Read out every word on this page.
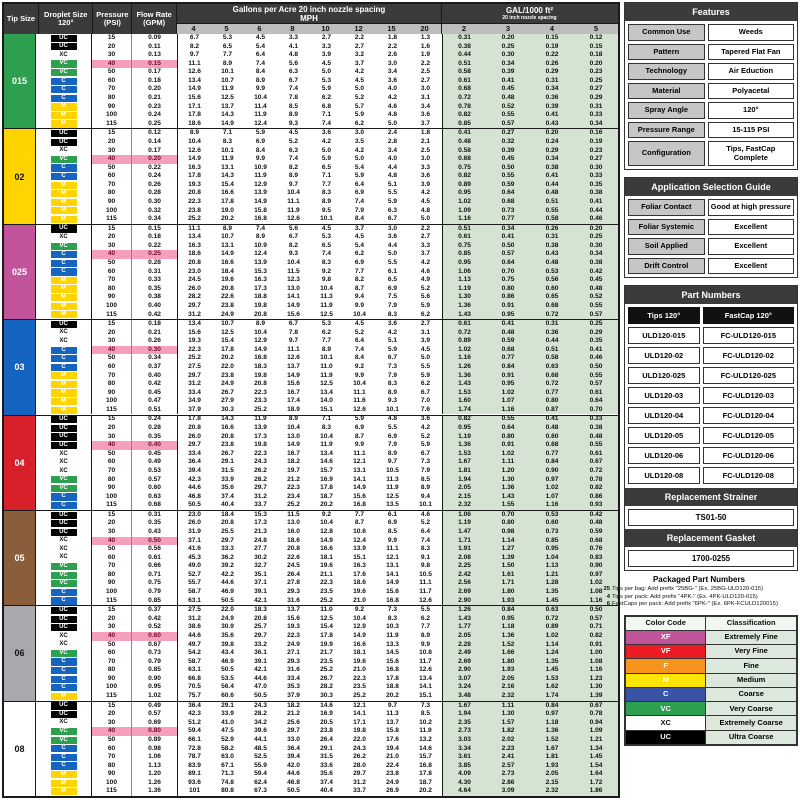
Tip Size	Droplet Size 120°
Pressure (PSI)
Flow Rate (GPM)
Gallons per Acre 20 inch nozzle spacing
MPH
GAL/1000 ft²
20 inch nozzle spacing
4	5	6	8	10	12	15	20	2	3	4	5
015
UC	15	0.09	6.7	5.3	4.5	3.3	2.7	2.2	1.8	1.3	0.31	0.20	0.15	0.12
UC	20	0.11	8.2	6.5	5.4	4.1	3.3	2.7	2.2	1.6	0.38	0.25	0.19	0.15
XC	30	0.13	9.7	7.7	6.4	4.8	3.9	3.2	2.6	1.9	0.44	0.30	0.22	0.18
VC	40	0.15	11.1	8.9	7.4	5.6	4.5	3.7	3.0	2.2	0.51	0.34	0.26	0.20
VC	50	0.17	12.6	10.1	8.4	6.3	5.0	4.2	3.4	2.5	0.58	0.39	0.29	0.23
C	60	0.18	13.4	10.7	8.9	6.7	5.3	4.5	3.6	2.7	0.61	0.41	0.31	0.25
C	70	0.20	14.9	11.9	9.9	7.4	5.9	5.0	4.0	3.0	0.68	0.45	0.34	0.27
C	80	0.21	15.6	12.5	10.4	7.8	6.2	5.2	4.2	3.1	0.72	0.48	0.36	0.29
M	90	0.23	17.1	13.7	11.4	8.5	6.8	5.7	4.6	3.4	0.78	0.52	0.39	0.31
M	100	0.24	17.8	14.3	11.9	8.9	7.1	5.9	4.8	3.6	0.82	0.55	0.41	0.33
M	115	0.25	18.6	14.9	12.4	9.3	7.4	6.2	5.0	3.7	0.85	0.57	0.43	0.34
02
UC	15	0.12	8.9	7.1	5.9	4.5	3.6	3.0	2.4	1.8	0.41	0.27	0.20	0.16
UC	20	0.14	10.4	8.3	6.9	5.2	4.2	3.5	2.8	2.1	0.48	0.32	0.24	0.19
XC	30	0.17	12.6	10.1	8.4	6.3	5.0	4.2	3.4	2.5	0.58	0.39	0.29	0.23
VC	40	0.20	14.9	11.9	9.9	7.4	5.9	5.0	4.0	3.0	0.68	0.45	0.34	0.27
C	50	0.22	16.3	13.1	10.9	8.2	6.5	5.4	4.4	3.3	0.75	0.50	0.38	0.30
C	60	0.24	17.8	14.3	11.9	8.9	7.1	5.9	4.8	3.6	0.82	0.55	0.41	0.33
M	70	0.26	19.3	15.4	12.9	9.7	7.7	6.4	5.1	3.9	0.89	0.59	0.44	0.35
M	80	0.28	20.8	16.6	13.9	10.4	8.3	6.9	5.5	4.2	0.95	0.64	0.48	0.38
M	90	0.30	22.3	17.8	14.9	11.1	8.9	7.4	5.9	4.5	1.02	0.68	0.51	0.41
M	100	0.32	23.8	19.0	15.8	11.9	9.5	7.9	6.3	4.8	1.09	0.73	0.55	0.44
M	115	0.34	25.2	20.2	16.8	12.6	10.1	8.4	6.7	5.0	1.16	0.77	0.58	0.46
025
UC	15	0.15	11.1	8.9	7.4	5.6	4.5	3.7	3.0	2.2	0.51	0.34	0.26	0.20
XC	20	0.18	13.4	10.7	8.9	6.7	5.3	4.5	3.6	2.7	0.61	0.41	0.31	0.25
VC	30	0.22	16.3	13.1	10.9	8.2	6.5	5.4	4.4	3.3	0.75	0.50	0.38	0.30
C	40	0.25	18.6	14.9	12.4	9.3	7.4	6.2	5.0	3.7	0.85	0.57	0.43	0.34
C	50	0.28	20.8	16.6	13.9	10.4	8.3	6.9	5.5	4.2	0.95	0.64	0.48	0.38
C	60	0.31	23.0	18.4	15.3	11.5	9.2	7.7	6.1	4.6	1.06	0.70	0.53	0.42
M	70	0.33	24.5	19.6	16.3	12.3	9.8	8.2	6.5	4.9	1.13	0.75	0.56	0.45
M	80	0.35	26.0	20.8	17.3	13.0	10.4	8.7	6.9	5.2	1.19	0.80	0.60	0.48
M	90	0.38	28.2	22.6	18.8	14.1	11.3	9.4	7.5	5.6	1.30	0.86	0.65	0.52
M	100	0.40	29.7	23.8	19.8	14.9	11.9	9.9	7.9	5.9	1.36	0.91	0.68	0.55
M	115	0.42	31.2	24.9	20.8	15.6	12.5	10.4	8.3	6.2	1.43	0.95	0.72	0.57
03
UC	15	0.18	13.4	10.7	8.9	6.7	5.3	4.5	3.6	2.7	0.61	0.41	0.31	0.25
XC	20	0.21	15.6	12.5	10.4	7.8	6.2	5.2	4.2	3.1	0.72	0.48	0.36	0.29
XC	30	0.26	19.3	15.4	12.9	9.7	7.7	6.4	5.1	3.9	0.89	0.59	0.44	0.35
C	40	0.30	22.3	17.8	14.9	11.1	8.9	7.4	5.9	4.5	1.02	0.68	0.51	0.41
C	50	0.34	25.2	20.2	16.8	12.6	10.1	8.4	6.7	5.0	1.16	0.77	0.58	0.46
C	60	0.37	27.5	22.0	18.3	13.7	11.0	9.2	7.3	5.5	1.26	0.84	0.63	0.50
M	70	0.40	29.7	23.8	19.8	14.9	11.9	9.9	7.9	5.9	1.36	0.91	0.68	0.55
M	80	0.42	31.2	24.9	20.8	15.6	12.5	10.4	8.3	6.2	1.43	0.95	0.72	0.57
M	90	0.45	33.4	26.7	22.3	16.7	13.4	11.1	8.9	6.7	1.53	1.02	0.77	0.61
M	100	0.47	34.9	27.9	23.3	17.4	14.0	11.6	9.3	7.0	1.60	1.07	0.80	0.64
M	115	0.51	37.9	30.3	25.2	18.9	15.1	12.6	10.1	7.6	1.74	1.16	0.87	0.70
04
UC	15	0.24	17.8	14.3	11.9	8.9	7.1	5.9	4.8	3.6	0.82	0.55	0.41	0.33
UC	20	0.28	20.8	16.6	13.9	10.4	8.3	6.9	5.5	4.2	0.95	0.64	0.48	0.38
UC	30	0.35	26.0	20.8	17.3	13.0	10.4	8.7	6.9	5.2	1.19	0.80	0.60	0.48
UC	40	0.40	29.7	23.8	19.8	14.9	11.9	9.9	7.9	5.9	1.36	0.91	0.68	0.55
XC	50	0.45	33.4	26.7	22.3	16.7	13.4	11.1	8.9	6.7	1.53	1.02	0.77	0.61
XC	60	0.49	36.4	29.1	24.3	18.2	14.6	12.1	9.7	7.3	1.67	1.11	0.84	0.67
XC	70	0.53	39.4	31.5	26.2	19.7	15.7	13.1	10.5	7.9	1.81	1.20	0.90	0.72
VC	80	0.57	42.3	33.9	28.2	21.2	16.9	14.1	11.3	8.5	1.94	1.30	0.97	0.78
VC	90	0.60	44.6	35.6	29.7	22.3	17.8	14.9	11.9	8.9	2.05	1.36	1.02	0.82
C	100	0.63	46.8	37.4	31.2	23.4	18.7	15.6	12.5	9.4	2.15	1.43	1.07	0.86
C	115	0.68	50.5	40.4	33.7	25.2	20.2	16.8	13.5	10.1	2.32	1.55	1.16	0.93
05
UC	15	0.31	23.0	18.4	15.3	11.5	9.2	7.7	6.1	4.6	1.06	0.70	0.53	0.42
UC	20	0.35	26.0	20.8	17.3	13.0	10.4	8.7	6.9	5.2	1.19	0.80	0.60	0.48
UC	30	0.43	31.9	25.5	21.3	16.0	12.8	10.6	8.5	6.4	1.47	0.98	0.73	0.59
XC	40	0.50	37.1	29.7	24.8	18.6	14.9	12.4	9.9	7.4	1.71	1.14	0.85	0.68
XC	50	0.56	41.6	33.3	27.7	20.8	16.6	13.9	11.1	8.3	1.91	1.27	0.95	0.76
XC	60	0.61	45.3	36.2	30.2	22.6	18.1	15.1	12.1	9.1	2.08	1.39	1.04	0.83
VC	70	0.66	49.0	39.2	32.7	24.5	19.6	16.3	13.1	9.8	2.25	1.50	1.13	0.90
VC	80	0.71	52.7	42.2	35.1	26.4	21.1	17.6	14.1	10.5	2.42	1.61	1.21	0.97
VC	90	0.75	55.7	44.6	37.1	27.8	22.3	18.6	14.9	11.1	2.56	1.71	1.28	1.02
C	100	0.79	58.7	46.9	39.1	29.3	23.5	19.6	15.6	11.7	2.69	1.80	1.35	1.08
C	115	0.85	63.1	50.5	42.1	31.6	25.2	21.0	16.8	12.6	2.90	1.93	1.45	1.16
06
UC	15	0.37	27.5	22.0	18.3	13.7	11.0	9.2	7.3	5.5	1.26	0.84	0.63	0.50
UC	20	0.42	31.2	24.9	20.8	15.6	12.5	10.4	8.3	6.2	1.43	0.95	0.72	0.57
UC	30	0.52	38.6	30.9	25.7	19.3	15.4	12.9	10.3	7.7	1.77	1.18	0.89	0.71
XC	40	0.60	44.6	35.6	29.7	22.3	17.8	14.9	11.9	8.9	2.05	1.36	1.02	0.82
XC	50	0.67	49.7	39.8	33.2	24.9	19.9	16.6	13.3	9.9	2.28	1.52	1.14	0.91
VC	60	0.73	54.2	43.4	36.1	27.1	21.7	18.1	14.5	10.8	2.49	1.66	1.24	1.00
C	70	0.79	58.7	46.9	39.1	29.3	23.5	19.6	15.6	11.7	2.69	1.80	1.35	1.08
C	80	0.85	63.1	50.5	42.1	31.6	25.2	21.0	16.8	12.6	2.90	1.93	1.45	1.16
C	90	0.90	66.8	53.5	44.6	33.4	26.7	22.3	17.8	13.4	3.07	2.05	1.53	1.23
C	100	0.95	70.5	56.4	47.0	35.3	28.2	23.5	18.8	14.1	3.24	2.16	1.62	1.30
M	115	1.02	75.7	60.6	50.5	37.9	30.3	25.2	20.2	15.1	3.48	2.32	1.74	1.39
08
UC	15	0.49	36.4	29.1	24.3	18.2	14.6	12.1	9.7	7.3	1.67	1.11	0.84	0.67
UC	20	0.57	42.3	33.9	28.2	21.2	16.9	14.1	11.3	8.5	1.94	1.30	0.97	0.78
XC	30	0.69	51.2	41.0	34.2	25.6	20.5	17.1	13.7	10.2	2.35	1.57	1.18	0.94
VC	40	0.80	59.4	47.5	39.6	29.7	23.8	19.8	15.8	11.9	2.73	1.82	1.36	1.09
VC	50	0.89	66.1	52.9	44.1	33.0	26.4	22.0	17.6	13.2	3.03	2.02	1.52	1.21
C	60	0.98	72.8	58.2	48.5	36.4	29.1	24.3	19.4	14.6	3.34	2.23	1.67	1.34
C	70	1.06	78.7	63.0	52.5	39.4	31.5	26.2	21.0	15.7	3.61	2.41	1.81	1.45
C	80	1.13	83.9	67.1	55.9	42.0	33.6	28.0	22.4	16.8	3.85	2.57	1.93	1.54
M	90	1.20	89.1	71.3	59.4	44.6	35.6	29.7	23.8	17.8	4.09	2.73	2.05	1.64
M	100	1.26	93.6	74.8	62.4	46.8	37.4	31.2	24.9	18.7	4.30	2.86	2.15	1.72
M	115	1.36	101	80.8	67.3	50.5	40.4	33.7	26.9	20.2	4.64	3.09	2.32	1.86
Features
Common Use	Weeds
Pattern	Tapered Flat Fan
Technology	Air Eduction
Material	Polyacetal
Spray Angle	120°
Pressure Range	15-115 PSI
Configuration	Tips, FastCap Complete
Application Selection Guide
Foliar Contact	Good at high pressure
Foliar Systemic	Excellent
Soil Applied	Excellent
Drift Control	Excellent
Part Numbers
Tips 120°	FastCap 120°
ULD120-015	FC-ULD120-015
ULD120-02	FC-ULD120-02
ULD120-025	FC-ULD120-025
ULD120-03	FC-ULD120-03
ULD120-04	FC-ULD120-04
ULD120-05	FC-ULD120-05
ULD120-06	FC-ULD120-06
ULD120-08	FC-ULD120-08
Replacement Strainer
TS01-50
Replacement Gasket
1700-0255
Packaged Part Numbers
25 Tips per bag: Add prefix "25BG-" (Ex. 25BG-ULD120-015)
4 Tips per pack: Add prefix "4PK-" (Ex. 4PK-ULD120-015)
6 FastCaps per pack: Add prefix "6PK-" (Ex. 6PK-FCULD120015)
Color Code	Classification
XF	Extremely Fine
VF	Very Fine
F	Fine
M	Medium
C	Coarse
VC	Very Coarse
XC	Extremely Coarse
UC	Ultra Coarse
